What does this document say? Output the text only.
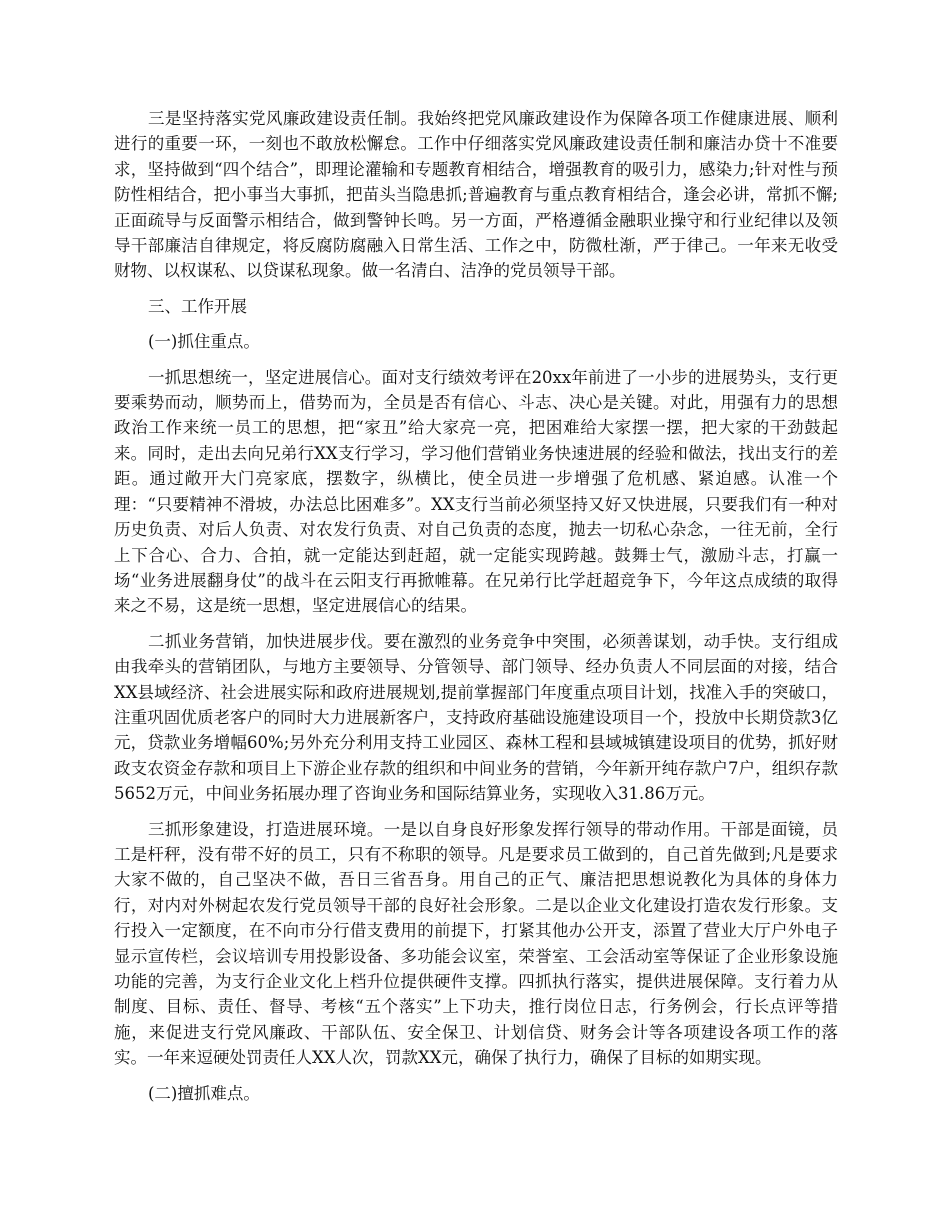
三是坚持落实党风廉政建设责任制。我始终把党风廉政建设作为保障各项工作健康进展、顺利进行的重要一环，一刻也不敢放松懈怠。工作中仔细落实党风廉政建设责任制和廉洁办贷十不准要求，坚持做到“四个结合”，即理论灌输和专题教育相结合，增强教育的吸引力，感染力;针对性与预防性相结合，把小事当大事抓，把苗头当隐患抓;普遍教育与重点教育相结合，逢会必讲，常抓不懈;正面疏导与反面警示相结合，做到警钟长鸣。另一方面，严格遵循金融职业操守和行业纪律以及领导干部廉洁自律规定，将反腐防腐融入日常生活、工作之中，防微杜渐，严于律己。一年来无收受财物、以权谋私、以贷谋私现象。做一名清白、洁净的党员领导干部。

三、工作开展

(一)抓住重点。

一抓思想统一，坚定进展信心。面对支行绩效考评在20xx年前进了一小步的进展势头，支行更要乘势而动，顺势而上，借势而为，全员是否有信心、斗志、决心是关键。对此，用强有力的思想政治工作来统一员工的思想，把“家丑”给大家亮一亮，把困难给大家摆一摆，把大家的干劲鼓起来。同时，走出去向兄弟行XX支行学习，学习他们营销业务快速进展的经验和做法，找出支行的差距。通过敞开大门亮家底，摆数字，纵横比，使全员进一步增强了危机感、紧迫感。认准一个理：“只要精神不滑坡，办法总比困难多”。XX支行当前必须坚持又好又快进展，只要我们有一种对历史负责、对后人负责、对农发行负责、对自己负责的态度，抛去一切私心杂念，一往无前，全行上下合心、合力、合拍，就一定能达到赶超，就一定能实现跨越。鼓舞士气，激励斗志，打赢一场“业务进展翻身仗”的战斗在云阳支行再掀帷幕。在兄弟行比学赶超竞争下，今年这点成绩的取得来之不易，这是统一思想，坚定进展信心的结果。

二抓业务营销，加快进展步伐。要在激烈的业务竞争中突围，必须善谋划，动手快。支行组成由我牵头的营销团队，与地方主要领导、分管领导、部门领导、经办负责人不同层面的对接，结合XX县域经济、社会进展实际和政府进展规划,提前掌握部门年度重点项目计划，找准入手的突破口，注重巩固优质老客户的同时大力进展新客户，支持政府基础设施建设项目一个，投放中长期贷款3亿元，贷款业务增幅60%;另外充分利用支持工业园区、森林工程和县域城镇建设项目的优势，抓好财政支农资金存款和项目上下游企业存款的组织和中间业务的营销，今年新开纯存款户7户，组织存款5652万元，中间业务拓展办理了咨询业务和国际结算业务，实现收入31.86万元。

三抓形象建设，打造进展环境。一是以自身良好形象发挥行领导的带动作用。干部是面镜，员工是杆秤，没有带不好的员工，只有不称职的领导。凡是要求员工做到的，自己首先做到;凡是要求大家不做的，自己坚决不做，吾日三省吾身。用自己的正气、廉洁把思想说教化为具体的身体力行，对内对外树起农发行党员领导干部的良好社会形象。二是以企业文化建设打造农发行形象。支行投入一定额度，在不向市分行借支费用的前提下，打紧其他办公开支，添置了营业大厅户外电子显示宣传栏，会议培训专用投影设备、多功能会议室，荣誉室、工会活动室等保证了企业形象设施功能的完善，为支行企业文化上档升位提供硬件支撑。四抓执行落实，提供进展保障。支行着力从制度、目标、责任、督导、考核“五个落实”上下功夫，推行岗位日志，行务例会，行长点评等措施，来促进支行党风廉政、干部队伍、安全保卫、计划信贷、财务会计等各项建设各项工作的落实。一年来逗硬处罚责任人XX人次，罚款XX元，确保了执行力，确保了目标的如期实现。

(二)擅抓难点。
